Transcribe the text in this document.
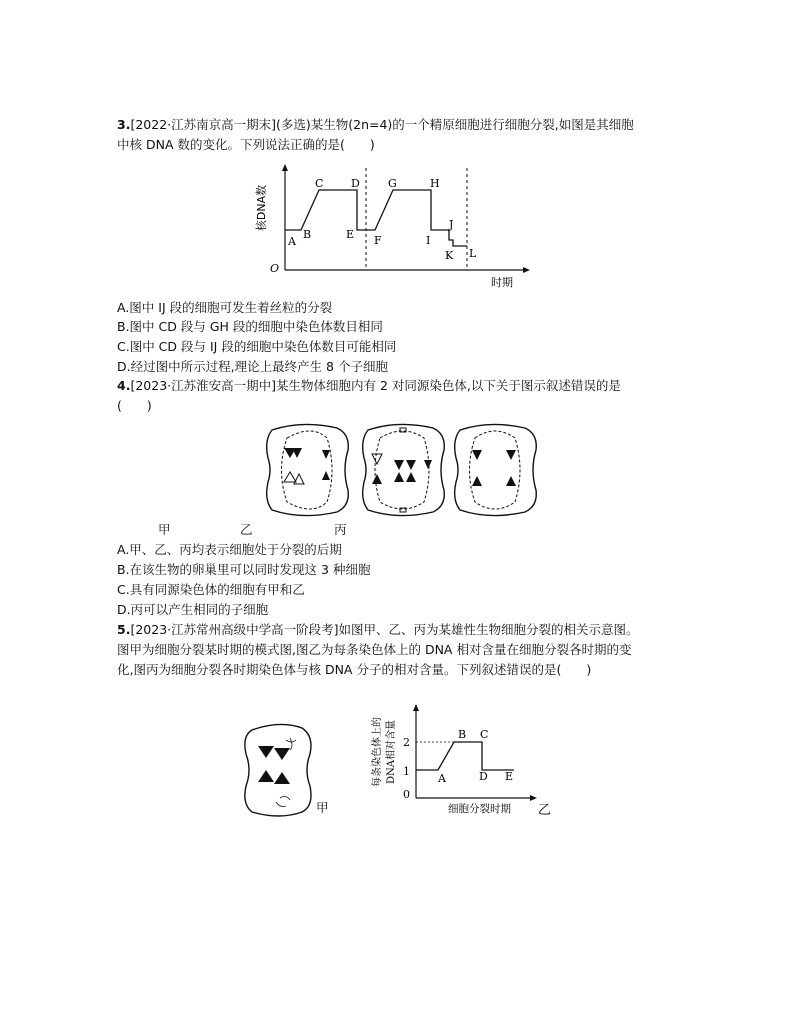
3.[2022·江苏南京高一期末](多选)某生物(2n=4)的一个精原细胞进行细胞分裂,如图是其细胞
中核 DNA 数的变化。下列说法正确的是(　　)
核DNA数
O
时期
A
B
C	D
E F
G	H
I
J
K L
A.图中 IJ 段的细胞可发生着丝粒的分裂
B.图中 CD 段与 GH 段的细胞中染色体数目相同
C.图中 CD 段与 IJ 段的细胞中染色体数目可能相同
D.经过图中所示过程,理论上最终产生 8 个子细胞
4.[2023·江苏淮安高一期中]某生物体细胞内有 2 对同源染色体,以下关于图示叙述错误的是
(　　)
甲	乙	丙
A.甲、乙、丙均表示细胞处于分裂的后期
B.在该生物的卵巢里可以同时发现这 3 种细胞
C.具有同源染色体的细胞有甲和乙
D.丙可以产生相同的子细胞
5.[2023·江苏常州高级中学高一阶段考]如图甲、乙、丙为某雄性生物细胞分裂的相关示意图。
图甲为细胞分裂某时期的模式图,图乙为每条染色体上的 DNA 相对含量在细胞分裂各时期的变
化,图丙为细胞分裂各时期染色体与核 DNA 分子的相对含量。下列叙述错误的是(　　)
甲
每条染色体上的 DNA相对含量 2
1
0
A
B C
D E
细胞分裂时期 乙
